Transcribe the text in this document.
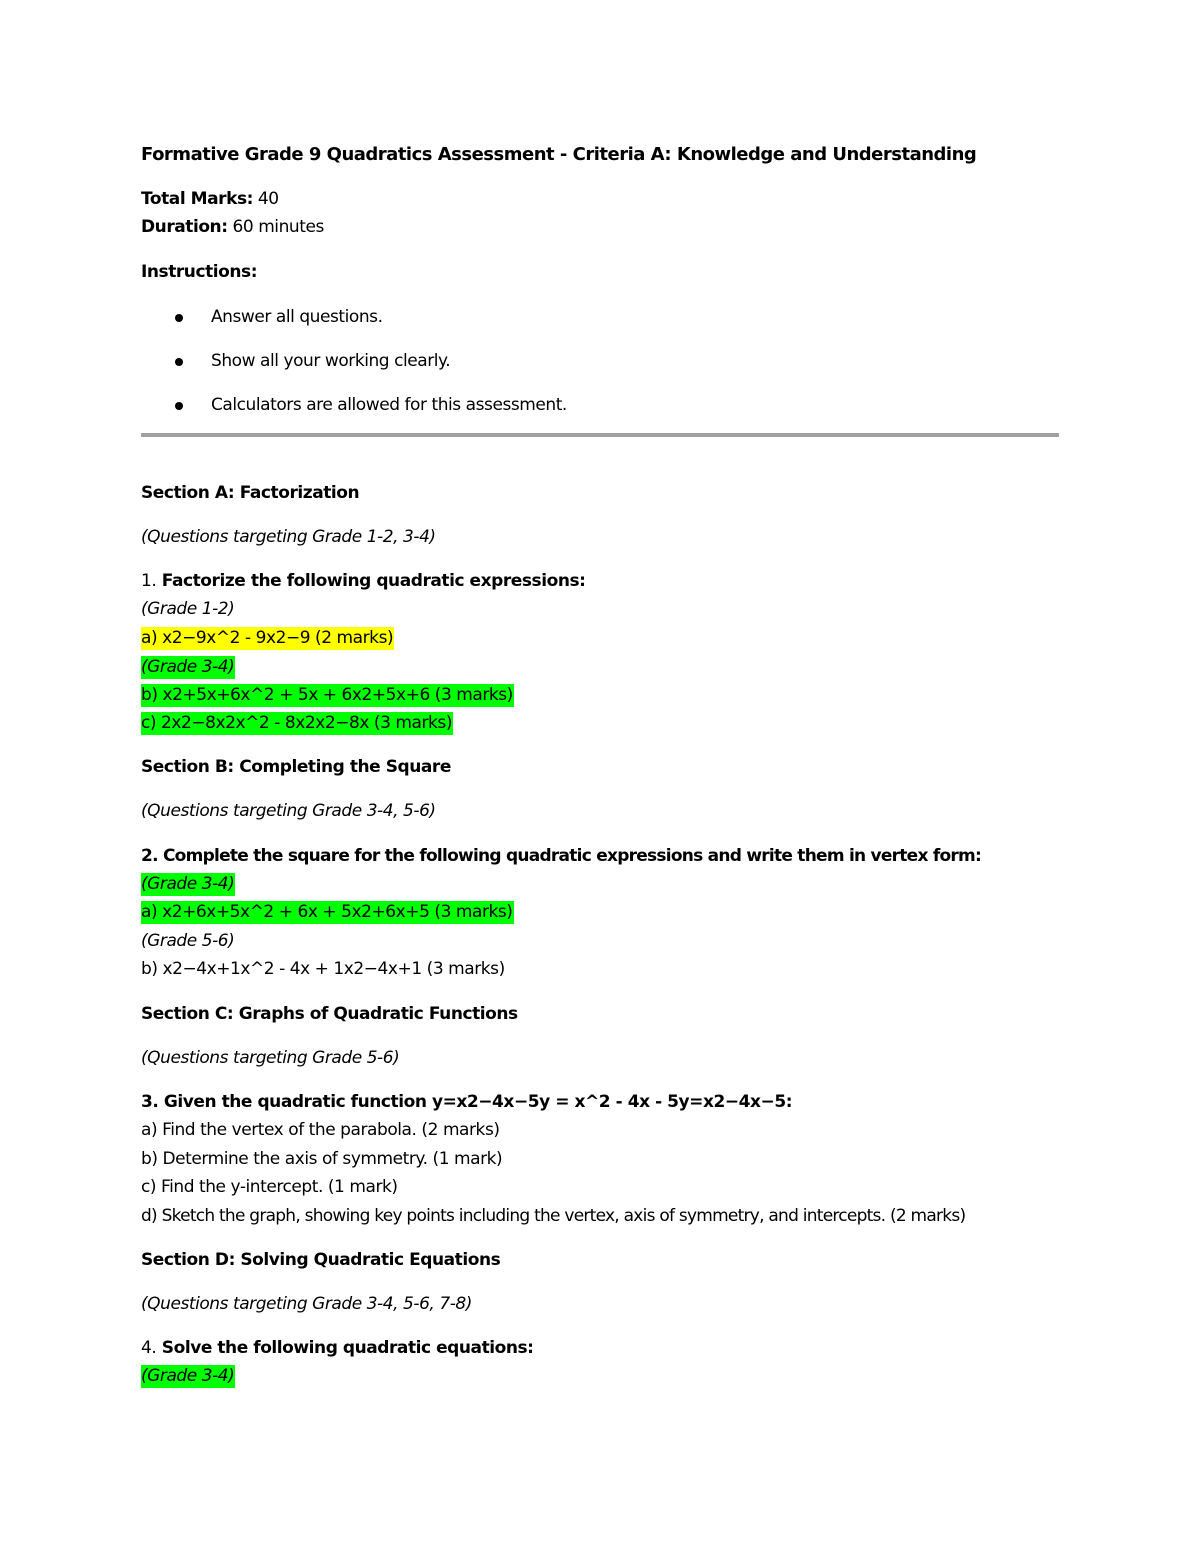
Formative Grade 9 Quadratics Assessment - Criteria A: Knowledge and Understanding
Total Marks: 40
Duration: 60 minutes
Instructions:
Answer all questions.
Show all your working clearly.
Calculators are allowed for this assessment.
Section A: Factorization
(Questions targeting Grade 1-2, 3-4)
1. Factorize the following quadratic expressions:
(Grade 1-2)
a) x2−9x^2 - 9x2−9 (2 marks)
(Grade 3-4)
b) x2+5x+6x^2 + 5x + 6x2+5x+6 (3 marks)
c) 2x2−8x2x^2 - 8x2x2−8x (3 marks)
Section B: Completing the Square
(Questions targeting Grade 3-4, 5-6)
2. Complete the square for the following quadratic expressions and write them in vertex form:
(Grade 3-4)
a) x2+6x+5x^2 + 6x + 5x2+6x+5 (3 marks)
(Grade 5-6)
b) x2−4x+1x^2 - 4x + 1x2−4x+1 (3 marks)
Section C: Graphs of Quadratic Functions
(Questions targeting Grade 5-6)
3. Given the quadratic function y=x2−4x−5y = x^2 - 4x - 5y=x2−4x−5:
a) Find the vertex of the parabola. (2 marks)
b) Determine the axis of symmetry. (1 mark)
c) Find the y-intercept. (1 mark)
d) Sketch the graph, showing key points including the vertex, axis of symmetry, and intercepts. (2 marks)
Section D: Solving Quadratic Equations
(Questions targeting Grade 3-4, 5-6, 7-8)
4. Solve the following quadratic equations:
(Grade 3-4)
